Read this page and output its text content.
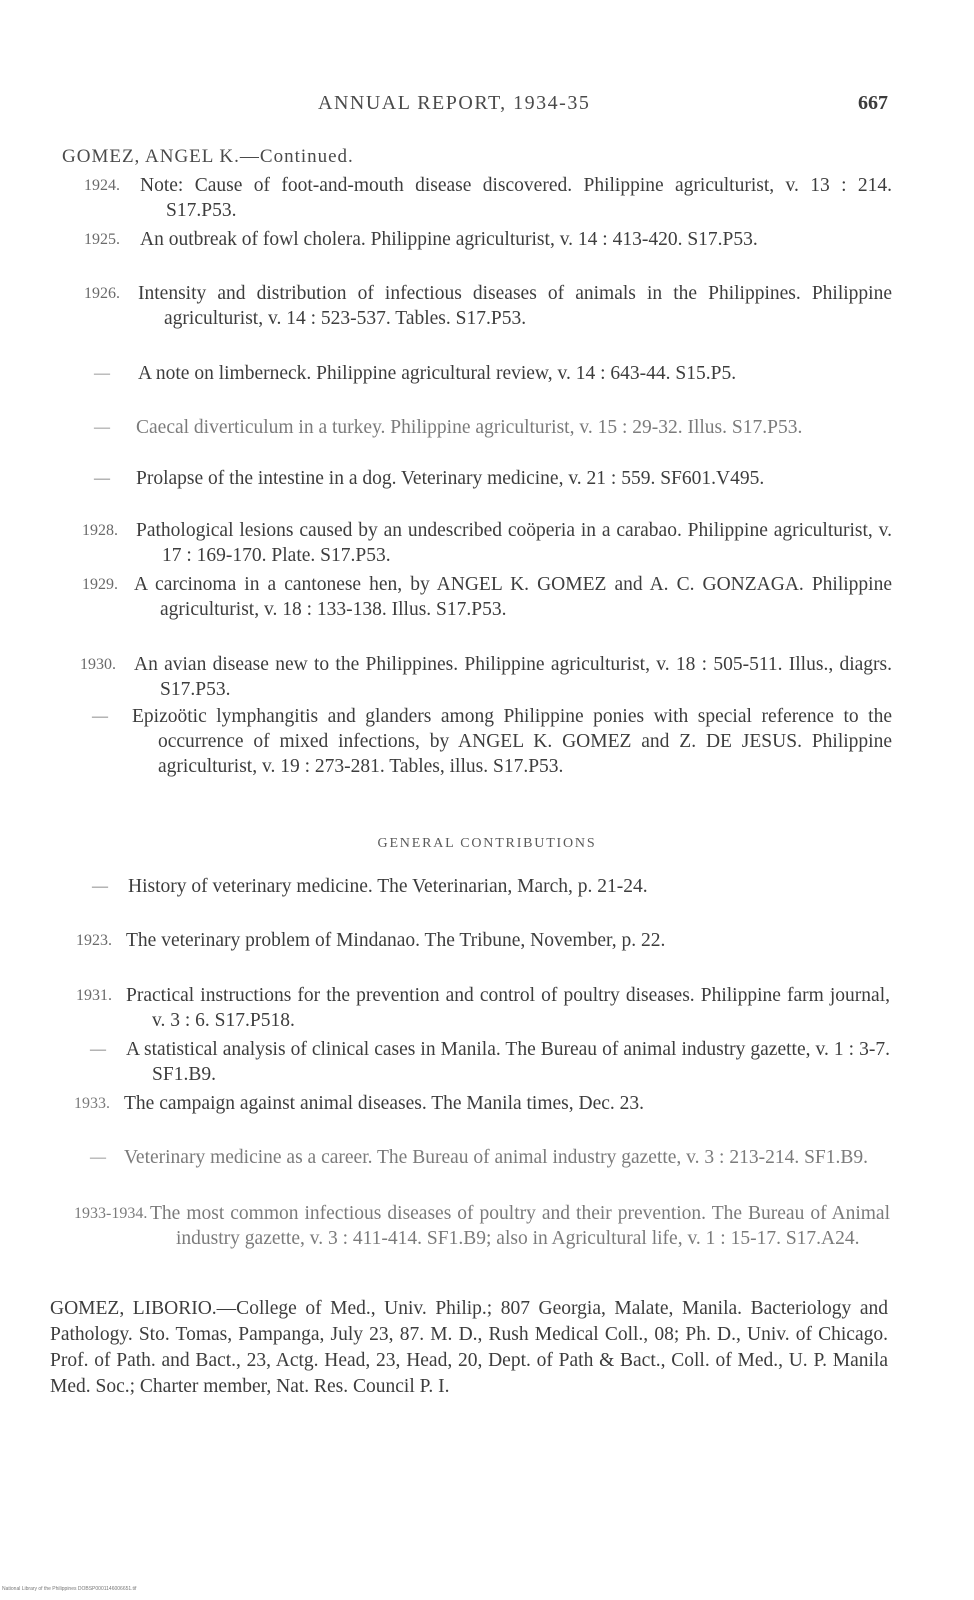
ANNUAL REPORT, 1934-35	667
GOMEZ, ANGEL K.—Continued.
1924. Note: Cause of foot-and-mouth disease discovered. Philippine agriculturist, v. 13 : 214. S17.P53.
1925. An outbreak of fowl cholera. Philippine agriculturist, v. 14 : 413-420. S17.P53.
1926. Intensity and distribution of infectious diseases of animals in the Philippines. Philippine agriculturist, v. 14 : 523-537. Tables. S17.P53.
— A note on limberneck. Philippine agricultural review, v. 14 : 643-44. S15.P5.
— Caecal diverticulum in a turkey. Philippine agriculturist, v. 15 : 29-32. Illus. S17.P53.
— Prolapse of the intestine in a dog. Veterinary medicine, v. 21 : 559. SF601.V495.
1928. Pathological lesions caused by an undescribed coöperia in a carabao. Philippine agriculturist, v. 17 : 169-170. Plate. S17.P53.
1929. A carcinoma in a cantonese hen, by ANGEL K. GOMEZ and A. C. GONZAGA. Philippine agriculturist, v. 18 : 133-138. Illus. S17.P53.
1930. An avian disease new to the Philippines. Philippine agriculturist, v. 18 : 505-511. Illus., diagrs. S17.P53.
— Epizoötic lymphangitis and glanders among Philippine ponies with special reference to the occurrence of mixed infections, by ANGEL K. GOMEZ and Z. DE JESUS. Philippine agriculturist, v. 19 : 273-281. Tables, illus. S17.P53.
GENERAL CONTRIBUTIONS
— History of veterinary medicine. The Veterinarian, March, p. 21-24.
1923. The veterinary problem of Mindanao. The Tribune, November, p. 22.
1931. Practical instructions for the prevention and control of poultry diseases. Philippine farm journal, v. 3 : 6. S17.P518.
— A statistical analysis of clinical cases in Manila. The Bureau of animal industry gazette, v. 1 : 3-7. SF1.B9.
1933. The campaign against animal diseases. The Manila times, Dec. 23.
— Veterinary medicine as a career. The Bureau of animal industry gazette, v. 3 : 213-214. SF1.B9.
1933-1934. The most common infectious diseases of poultry and their prevention. The Bureau of Animal industry gazette, v. 3 : 411-414. SF1.B9; also in Agricultural life, v. 1 : 15-17. S17.A24.
GOMEZ, LIBORIO.—College of Med., Univ. Philip.; 807 Georgia, Malate, Manila. Bacteriology and Pathology. Sto. Tomas, Pampanga, July 23, 87. M. D., Rush Medical Coll., 08; Ph. D., Univ. of Chicago. Prof. of Path. and Bact., 23, Actg. Head, 23, Head, 20, Dept. of Path & Bact., Coll. of Med., U. P. Manila Med. Soc.; Charter member, Nat. Res. Council P. I.
National Library of the Philippines DOBSP0001146006651.tif
